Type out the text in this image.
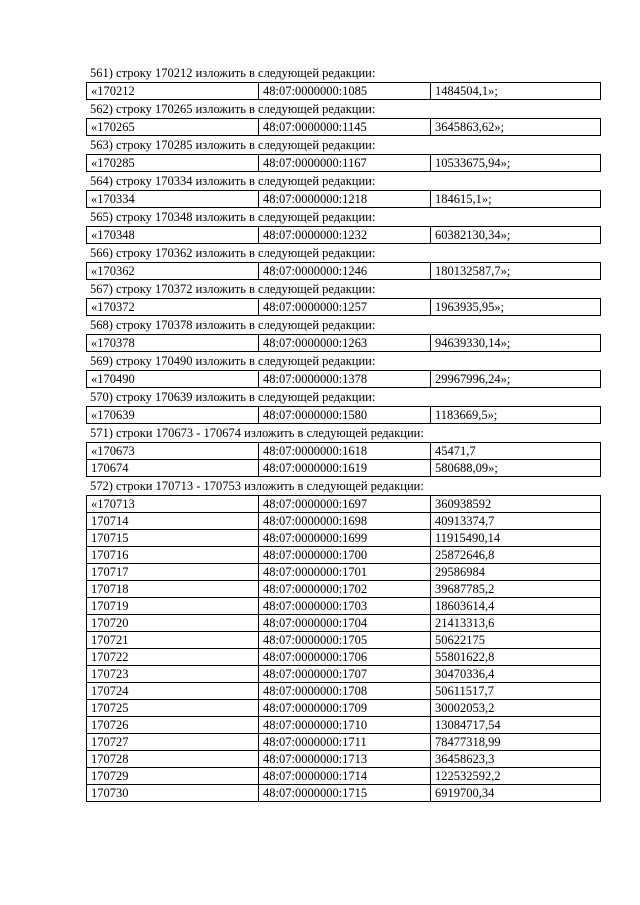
561) строку 170212 изложить в следующей редакции:
«170212	48:07:0000000:1085	1484504,1»;
562) строку 170265 изложить в следующей редакции:
«170265	48:07:0000000:1145	3645863,62»;
563) строку 170285 изложить в следующей редакции:
«170285	48:07:0000000:1167	10533675,94»;
564) строку 170334 изложить в следующей редакции:
«170334	48:07:0000000:1218	184615,1»;
565) строку 170348 изложить в следующей редакции:
«170348	48:07:0000000:1232	60382130,34»;
566) строку 170362 изложить в следующей редакции:
«170362	48:07:0000000:1246	180132587,7»;
567) строку 170372 изложить в следующей редакции:
«170372	48:07:0000000:1257	1963935,95»;
568) строку 170378 изложить в следующей редакции:
«170378	48:07:0000000:1263	94639330,14»;
569) строку 170490 изложить в следующей редакции:
«170490	48:07:0000000:1378	29967996,24»;
570) строку 170639 изложить в следующей редакции:
«170639	48:07:0000000:1580	1183669,5»;
571) строки 170673 - 170674 изложить в следующей редакции:
«170673	48:07:0000000:1618	45471,7
170674	48:07:0000000:1619	580688,09»;
572) строки 170713 - 170753 изложить в следующей редакции:
«170713	48:07:0000000:1697	360938592
170714	48:07:0000000:1698	40913374,7
170715	48:07:0000000:1699	11915490,14
170716	48:07:0000000:1700	25872646,8
170717	48:07:0000000:1701	29586984
170718	48:07:0000000:1702	39687785,2
170719	48:07:0000000:1703	18603614,4
170720	48:07:0000000:1704	21413313,6
170721	48:07:0000000:1705	50622175
170722	48:07:0000000:1706	55801622,8
170723	48:07:0000000:1707	30470336,4
170724	48:07:0000000:1708	50611517,7
170725	48:07:0000000:1709	30002053,2
170726	48:07:0000000:1710	13084717,54
170727	48:07:0000000:1711	78477318,99
170728	48:07:0000000:1713	36458623,3
170729	48:07:0000000:1714	122532592,2
170730	48:07:0000000:1715	6919700,34
